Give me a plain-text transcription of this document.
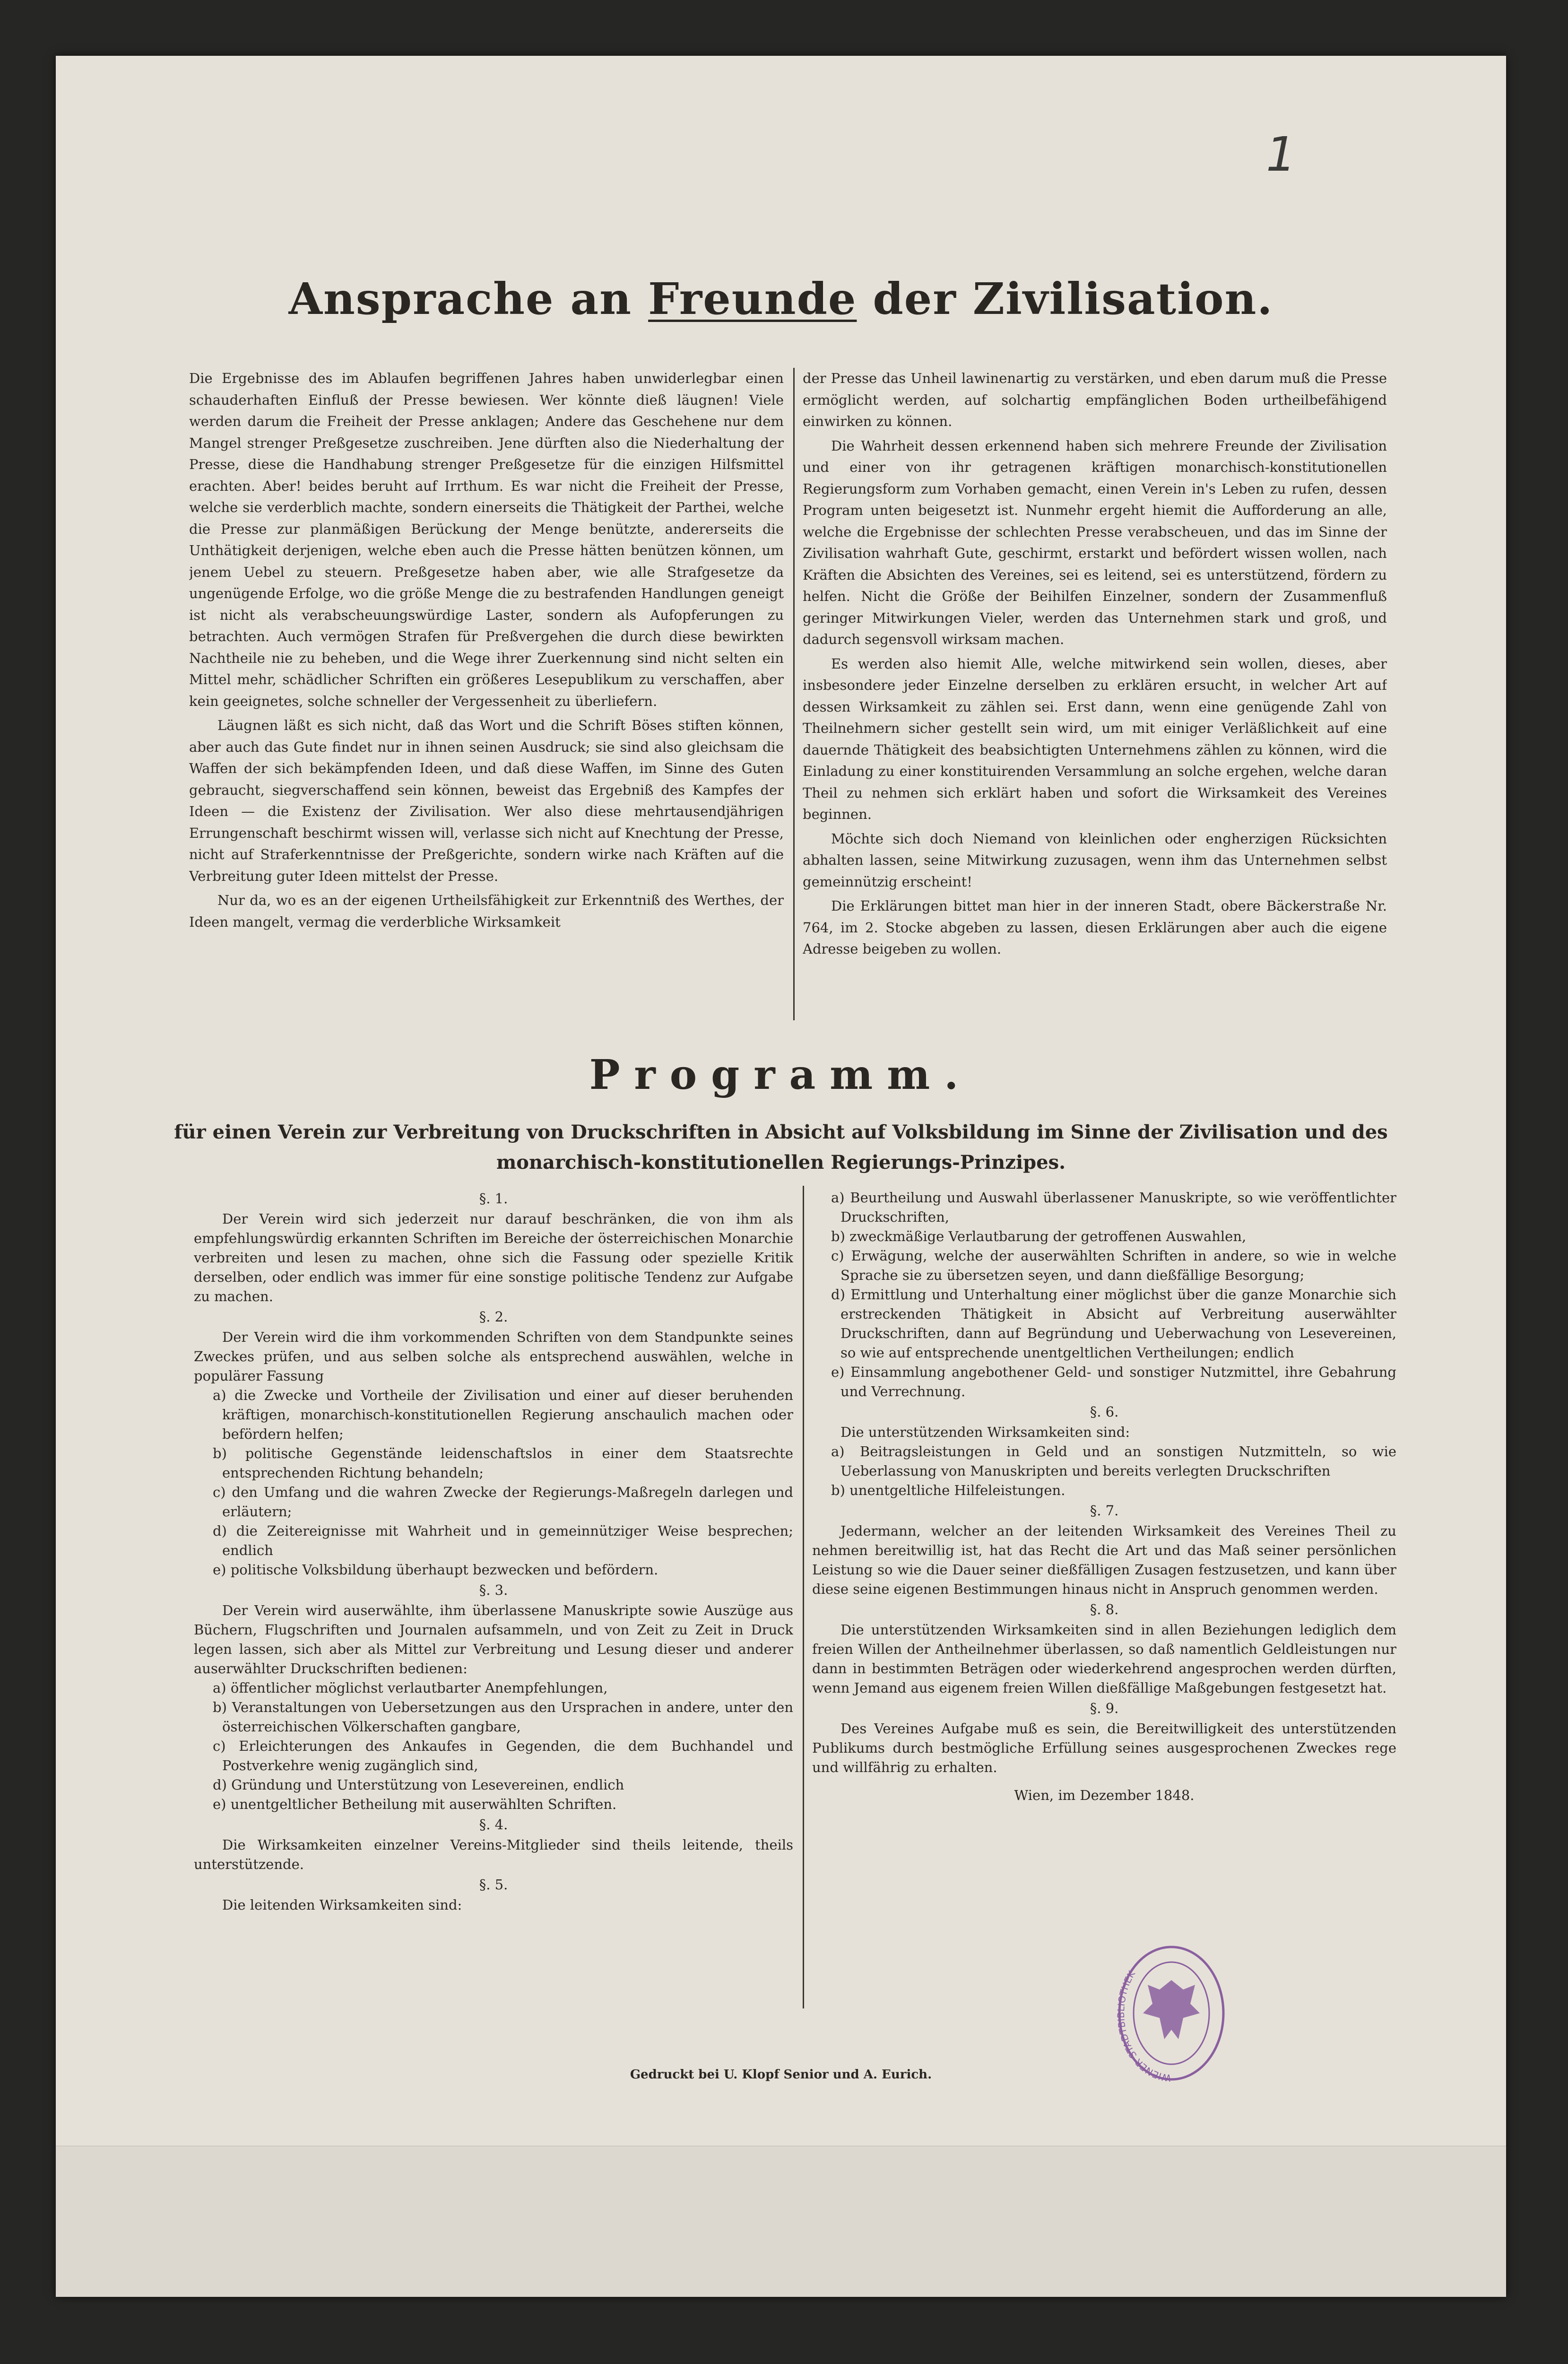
1

Ansprache an Freunde der Zivilisation.

Die Ergebnisse des im Ablaufen begriffenen Jahres haben unwiderlegbar einen schauderhaften Einfluß der Presse bewiesen. Wer könnte dieß läugnen! Viele werden darum die Freiheit der Presse anklagen; Andere das Geschehene nur dem Mangel strenger Preßgesetze zuschreiben. Jene dürften also die Niederhaltung der Presse, diese die Handhabung strenger Preßgesetze für die einzigen Hilfsmittel erachten. Aber! beides beruht auf Irrthum. Es war nicht die Freiheit der Presse, welche sie verderblich machte, sondern einerseits die Thätigkeit der Parthei, welche die Presse zur planmäßigen Berückung der Menge benützte, andererseits die Unthätigkeit derjenigen, welche eben auch die Presse hätten benützen können, um jenem Uebel zu steuern. Preßgesetze haben aber, wie alle Strafgesetze da ungenügende Erfolge, wo die größe Menge die zu bestrafenden Handlungen geneigt ist nicht als verabscheuungswürdige Laster, sondern als Aufopferungen zu betrachten. Auch vermögen Strafen für Preßvergehen die durch diese bewirkten Nachtheile nie zu beheben, und die Wege ihrer Zuerkennung sind nicht selten ein Mittel mehr, schädlicher Schriften ein größeres Lesepublikum zu verschaffen, aber kein geeignetes, solche schneller der Vergessenheit zu überliefern.

Läugnen läßt es sich nicht, daß das Wort und die Schrift Böses stiften können, aber auch das Gute findet nur in ihnen seinen Ausdruck; sie sind also gleichsam die Waffen der sich bekämpfenden Ideen, und daß diese Waffen, im Sinne des Guten gebraucht, siegverschaffend sein können, beweist das Ergebniß des Kampfes der Ideen — die Existenz der Zivilisation. Wer also diese mehrtausendjährigen Errungenschaft beschirmt wissen will, verlasse sich nicht auf Knechtung der Presse, nicht auf Straferkenntnisse der Preßgerichte, sondern wirke nach Kräften auf die Verbreitung guter Ideen mittelst der Presse.

Nur da, wo es an der eigenen Urtheilsfähigkeit zur Erkenntniß des Werthes, der Ideen mangelt, vermag die verderbliche Wirksamkeit

der Presse das Unheil lawinenartig zu verstärken, und eben darum muß die Presse ermöglicht werden, auf solchartig empfänglichen Boden urtheilbefähigend einwirken zu können.

Die Wahrheit dessen erkennend haben sich mehrere Freunde der Zivilisation und einer von ihr getragenen kräftigen monarchisch-konstitutionellen Regierungsform zum Vorhaben gemacht, einen Verein in's Leben zu rufen, dessen Program unten beigesetzt ist. Nunmehr ergeht hiemit die Aufforderung an alle, welche die Ergebnisse der schlechten Presse verabscheuen, und das im Sinne der Zivilisation wahrhaft Gute, geschirmt, erstarkt und befördert wissen wollen, nach Kräften die Absichten des Vereines, sei es leitend, sei es unterstützend, fördern zu helfen. Nicht die Größe der Beihilfen Einzelner, sondern der Zusammenfluß geringer Mitwirkungen Vieler, werden das Unternehmen stark und groß, und dadurch segensvoll wirksam machen.

Es werden also hiemit Alle, welche mitwirkend sein wollen, dieses, aber insbesondere jeder Einzelne derselben zu erklären ersucht, in welcher Art auf dessen Wirksamkeit zu zählen sei. Erst dann, wenn eine genügende Zahl von Theilnehmern sicher gestellt sein wird, um mit einiger Verläßlichkeit auf eine dauernde Thätigkeit des beabsichtigten Unternehmens zählen zu können, wird die Einladung zu einer konstituirenden Versammlung an solche ergehen, welche daran Theil zu nehmen sich erklärt haben und sofort die Wirksamkeit des Vereines beginnen.

Möchte sich doch Niemand von kleinlichen oder engherzigen Rücksichten abhalten lassen, seine Mitwirkung zuzusagen, wenn ihm das Unternehmen selbst gemeinnützig erscheint!

Die Erklärungen bittet man hier in der inneren Stadt, obere Bäckerstraße Nr. 764, im 2. Stocke abgeben zu lassen, diesen Erklärungen aber auch die eigene Adresse beigeben zu wollen.

Programm.

für einen Verein zur Verbreitung von Druckschriften in Absicht auf Volksbildung im Sinne der Zivilisation und des monarchisch-konstitutionellen Regierungs-Prinzipes.

§. 1.

Der Verein wird sich jederzeit nur darauf beschränken, die von ihm als empfehlungswürdig erkannten Schriften im Bereiche der österreichischen Monarchie verbreiten und lesen zu machen, ohne sich die Fassung oder spezielle Kritik derselben, oder endlich was immer für eine sonstige politische Tendenz zur Aufgabe zu machen.

§. 2.

Der Verein wird die ihm vorkommenden Schriften von dem Standpunkte seines Zweckes prüfen, und aus selben solche als entsprechend auswählen, welche in populärer Fassung

a) die Zwecke und Vortheile der Zivilisation und einer auf dieser beruhenden kräftigen, monarchisch-konstitutionellen Regierung anschaulich machen oder befördern helfen;

b) politische Gegenstände leidenschaftslos in einer dem Staatsrechte entsprechenden Richtung behandeln;

c) den Umfang und die wahren Zwecke der Regierungs-Maßregeln darlegen und erläutern;

d) die Zeitereignisse mit Wahrheit und in gemeinnütziger Weise besprechen; endlich

e) politische Volksbildung überhaupt bezwecken und befördern.

§. 3.

Der Verein wird auserwählte, ihm überlassene Manuskripte sowie Auszüge aus Büchern, Flugschriften und Journalen aufsammeln, und von Zeit zu Zeit in Druck legen lassen, sich aber als Mittel zur Verbreitung und Lesung dieser und anderer auserwählter Druckschriften bedienen:

a) öffentlicher möglichst verlautbarter Anempfehlungen,

b) Veranstaltungen von Uebersetzungen aus den Ursprachen in andere, unter den österreichischen Völkerschaften gangbare,

c) Erleichterungen des Ankaufes in Gegenden, die dem Buchhandel und Postverkehre wenig zugänglich sind,

d) Gründung und Unterstützung von Lesevereinen, endlich

e) unentgeltlicher Betheilung mit auserwählten Schriften.

§. 4.

Die Wirksamkeiten einzelner Vereins-Mitglieder sind theils leitende, theils unterstützende.

§. 5.

Die leitenden Wirksamkeiten sind:

a) Beurtheilung und Auswahl überlassener Manuskripte, so wie veröffentlichter Druckschriften,

b) zweckmäßige Verlautbarung der getroffenen Auswahlen,

c) Erwägung, welche der auserwählten Schriften in andere, so wie in welche Sprache sie zu übersetzen seyen, und dann dießfällige Besorgung;

d) Ermittlung und Unterhaltung einer möglichst über die ganze Monarchie sich erstreckenden Thätigkeit in Absicht auf Verbreitung auserwählter Druckschriften, dann auf Begründung und Ueberwachung von Lesevereinen, so wie auf entsprechende unentgeltlichen Vertheilungen; endlich

e) Einsammlung angebothener Geld- und sonstiger Nutzmittel, ihre Gebahrung und Verrechnung.

§. 6.

Die unterstützenden Wirksamkeiten sind:

a) Beitragsleistungen in Geld und an sonstigen Nutzmitteln, so wie Ueberlassung von Manuskripten und bereits verlegten Druckschriften

b) unentgeltliche Hilfeleistungen.

§. 7.

Jedermann, welcher an der leitenden Wirksamkeit des Vereines Theil zu nehmen bereitwillig ist, hat das Recht die Art und das Maß seiner persönlichen Leistung so wie die Dauer seiner dießfälligen Zusagen festzusetzen, und kann über diese seine eigenen Bestimmungen hinaus nicht in Anspruch genommen werden.

§. 8.

Die unterstützenden Wirksamkeiten sind in allen Beziehungen lediglich dem freien Willen der Antheilnehmer überlassen, so daß namentlich Geldleistungen nur dann in bestimmten Beträgen oder wiederkehrend angesprochen werden dürften, wenn Jemand aus eigenem freien Willen dießfällige Maßgebungen festgesetzt hat.

§. 9.

Des Vereines Aufgabe muß es sein, die Bereitwilligkeit des unterstützenden Publikums durch bestmögliche Erfüllung seines ausgesprochenen Zweckes rege und willfährig zu erhalten.

Wien, im Dezember 1848.

Gedruckt bei U. Klopf Senior und A. Eurich.	WIENER STADTBIBLIOTHEK
